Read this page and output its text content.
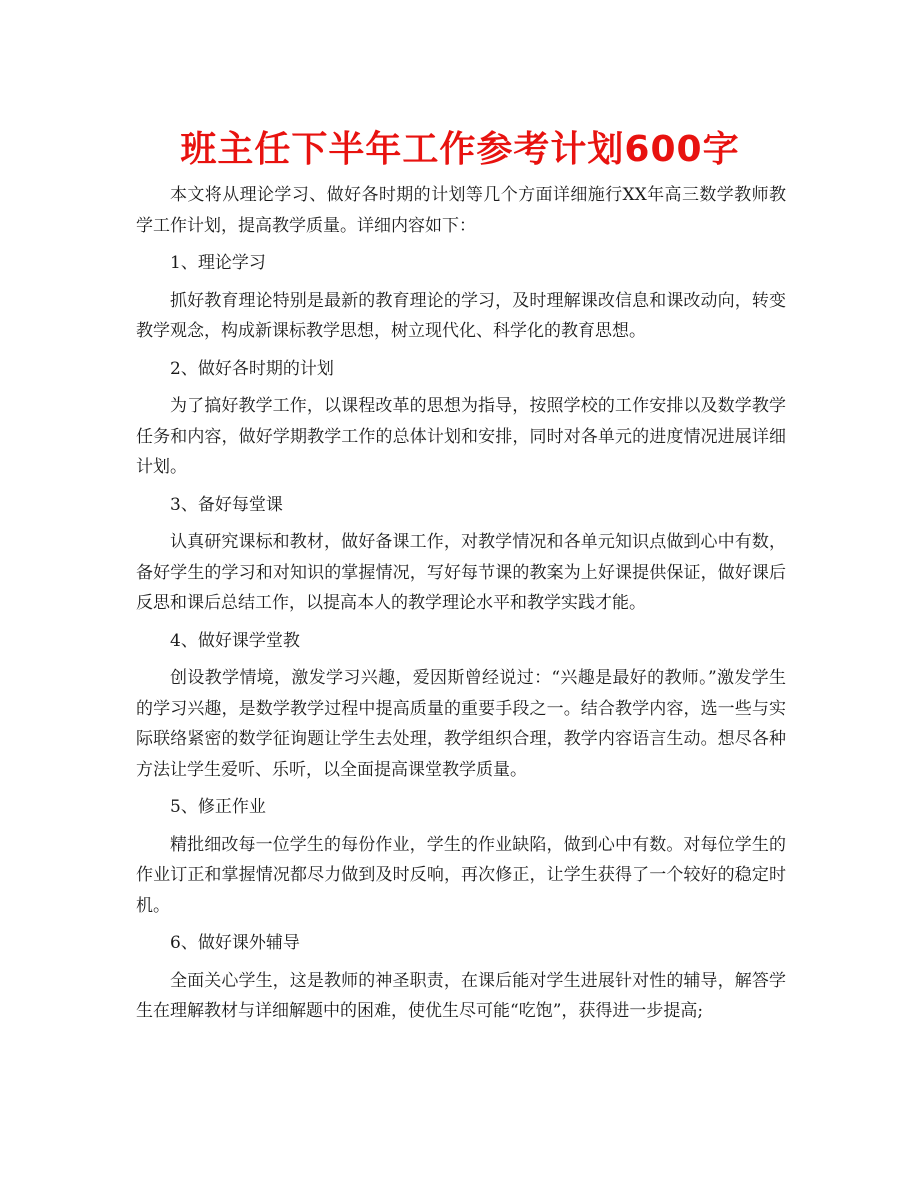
班主任下半年工作参考计划600字

本文将从理论学习、做好各时期的计划等几个方面详细施行XX年高三数学教师教学工作计划，提高教学质量。详细内容如下：

1、理论学习

抓好教育理论特别是最新的教育理论的学习，及时理解课改信息和课改动向，转变教学观念，构成新课标教学思想，树立现代化、科学化的教育思想。

2、做好各时期的计划

为了搞好教学工作，以课程改革的思想为指导，按照学校的工作安排以及数学教学任务和内容，做好学期教学工作的总体计划和安排，同时对各单元的进度情况进展详细计划。

3、备好每堂课

认真研究课标和教材，做好备课工作，对教学情况和各单元知识点做到心中有数，备好学生的学习和对知识的掌握情况，写好每节课的教案为上好课提供保证，做好课后反思和课后总结工作，以提高本人的教学理论水平和教学实践才能。

4、做好课学堂教

创设教学情境，激发学习兴趣，爱因斯曾经说过：“兴趣是最好的教师。”激发学生的学习兴趣，是数学教学过程中提高质量的重要手段之一。结合教学内容，选一些与实际联络紧密的数学征询题让学生去处理，教学组织合理，教学内容语言生动。想尽各种方法让学生爱听、乐听，以全面提高课堂教学质量。

5、修正作业

精批细改每一位学生的每份作业，学生的作业缺陷，做到心中有数。对每位学生的作业订正和掌握情况都尽力做到及时反响，再次修正，让学生获得了一个较好的稳定时机。

6、做好课外辅导

全面关心学生，这是教师的神圣职责，在课后能对学生进展针对性的辅导，解答学生在理解教材与详细解题中的困难，使优生尽可能“吃饱”，获得进一步提高;
